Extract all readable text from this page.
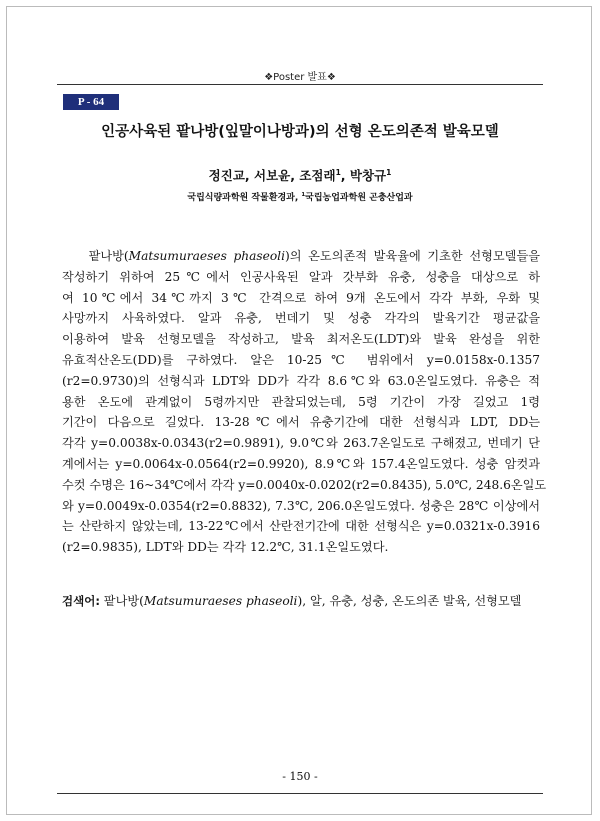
❖Poster 발표❖
P - 64
인공사육된 팥나방(잎말이나방과)의 선형 온도의존적 발육모델
정진교, 서보윤, 조점래$^1$, 박창규$^1$
국립식량과학원 작물환경과, $^1$국립농업과학원 곤충산업과
팥나방(Matsumuraeses phaseoli)의 온도의존적 발육율에 기초한 선형모델들을
작성하기 위하여 25℃에서 인공사육된 알과 갓부화 유충, 성충을 대상으로 하
여 10℃에서 34℃까지 3℃ 간격으로 하여 9개 온도에서 각각 부화, 우화 및
사망까지 사육하였다. 알과 유충, 번데기 및 성충 각각의 발육기간 평균값을
이용하여 발육 선형모델을 작성하고, 발육 최저온도(LDT)와 발육 완성을 위한
유효적산온도(DD)를 구하였다. 알은 10-25℃ 범위에서 y=0.0158x-0.1357
(r2=0.9730)의 선형식과 LDT와 DD가 각각 8.6℃와 63.0온일도였다. 유충은 적
용한 온도에 관계없이 5령까지만 관찰되었는데, 5령 기간이 가장 길었고 1령
기간이 다음으로 길었다. 13-28℃에서 유충기간에 대한 선형식과 LDT, DD는
각각 y=0.0038x-0.0343(r2=0.9891), 9.0℃와 263.7온일도로 구해졌고, 번데기 단
계에서는 y=0.0064x-0.0564(r2=0.9920), 8.9℃와 157.4온일도였다. 성충 암컷과
수컷 수명은 16~34℃에서 각각 y=0.0040x-0.0202(r2=0.8435), 5.0℃, 248.6온일도
와 y=0.0049x-0.0354(r2=0.8832), 7.3℃, 206.0온일도였다. 성충은 28℃ 이상에서
는 산란하지 않았는데, 13-22℃에서 산란전기간에 대한 선형식은 y=0.0321x-0.3916
(r2=0.9835), LDT와 DD는 각각 12.2℃, 31.1온일도였다.
검색어: 팥나방(Matsumuraeses phaseoli), 알, 유충, 성충, 온도의존 발육, 선형모델
- 150 -
